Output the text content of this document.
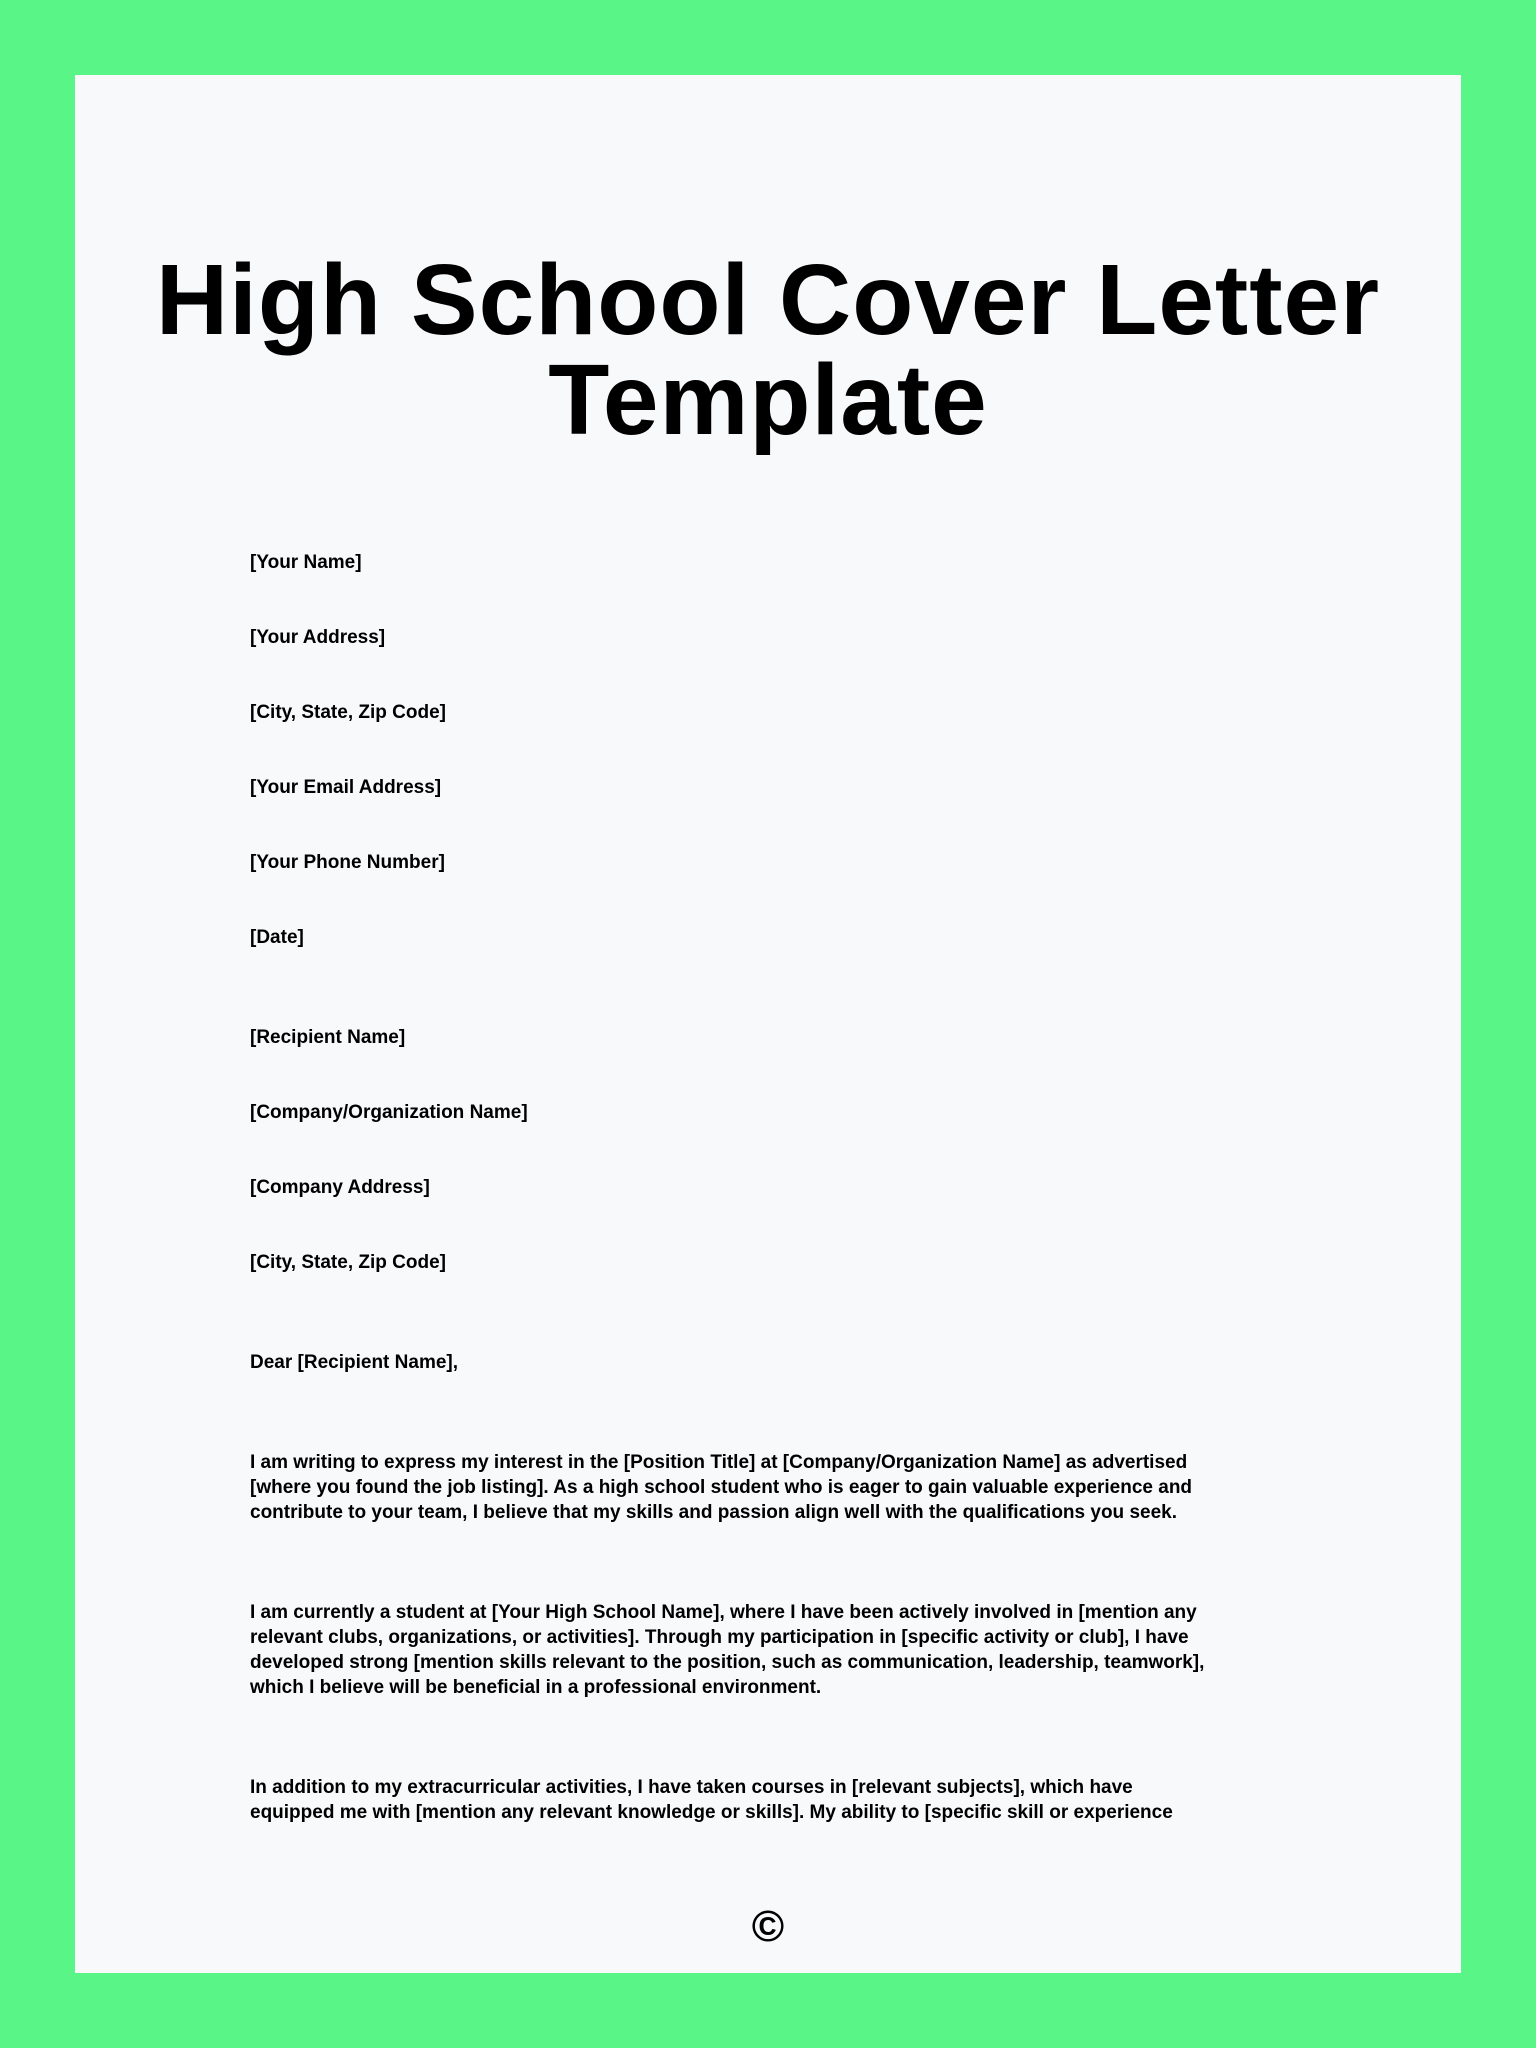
High School Cover Letter
Template
[Your Name]
[Your Address]
[City, State, Zip Code]
[Your Email Address]
[Your Phone Number]
[Date]
[Recipient Name]
[Company/Organization Name]
[Company Address]
[City, State, Zip Code]
Dear [Recipient Name],

I am writing to express my interest in the [Position Title] at [Company/Organization Name] as advertised
[where you found the job listing]. As a high school student who is eager to gain valuable experience and
contribute to your team, I believe that my skills and passion align well with the qualifications you seek.

I am currently a student at [Your High School Name], where I have been actively involved in [mention any
relevant clubs, organizations, or activities]. Through my participation in [specific activity or club], I have
developed strong [mention skills relevant to the position, such as communication, leadership, teamwork],
which I believe will be beneficial in a professional environment.

In addition to my extracurricular activities, I have taken courses in [relevant subjects], which have
equipped me with [mention any relevant knowledge or skills]. My ability to [specific skill or experience

©
